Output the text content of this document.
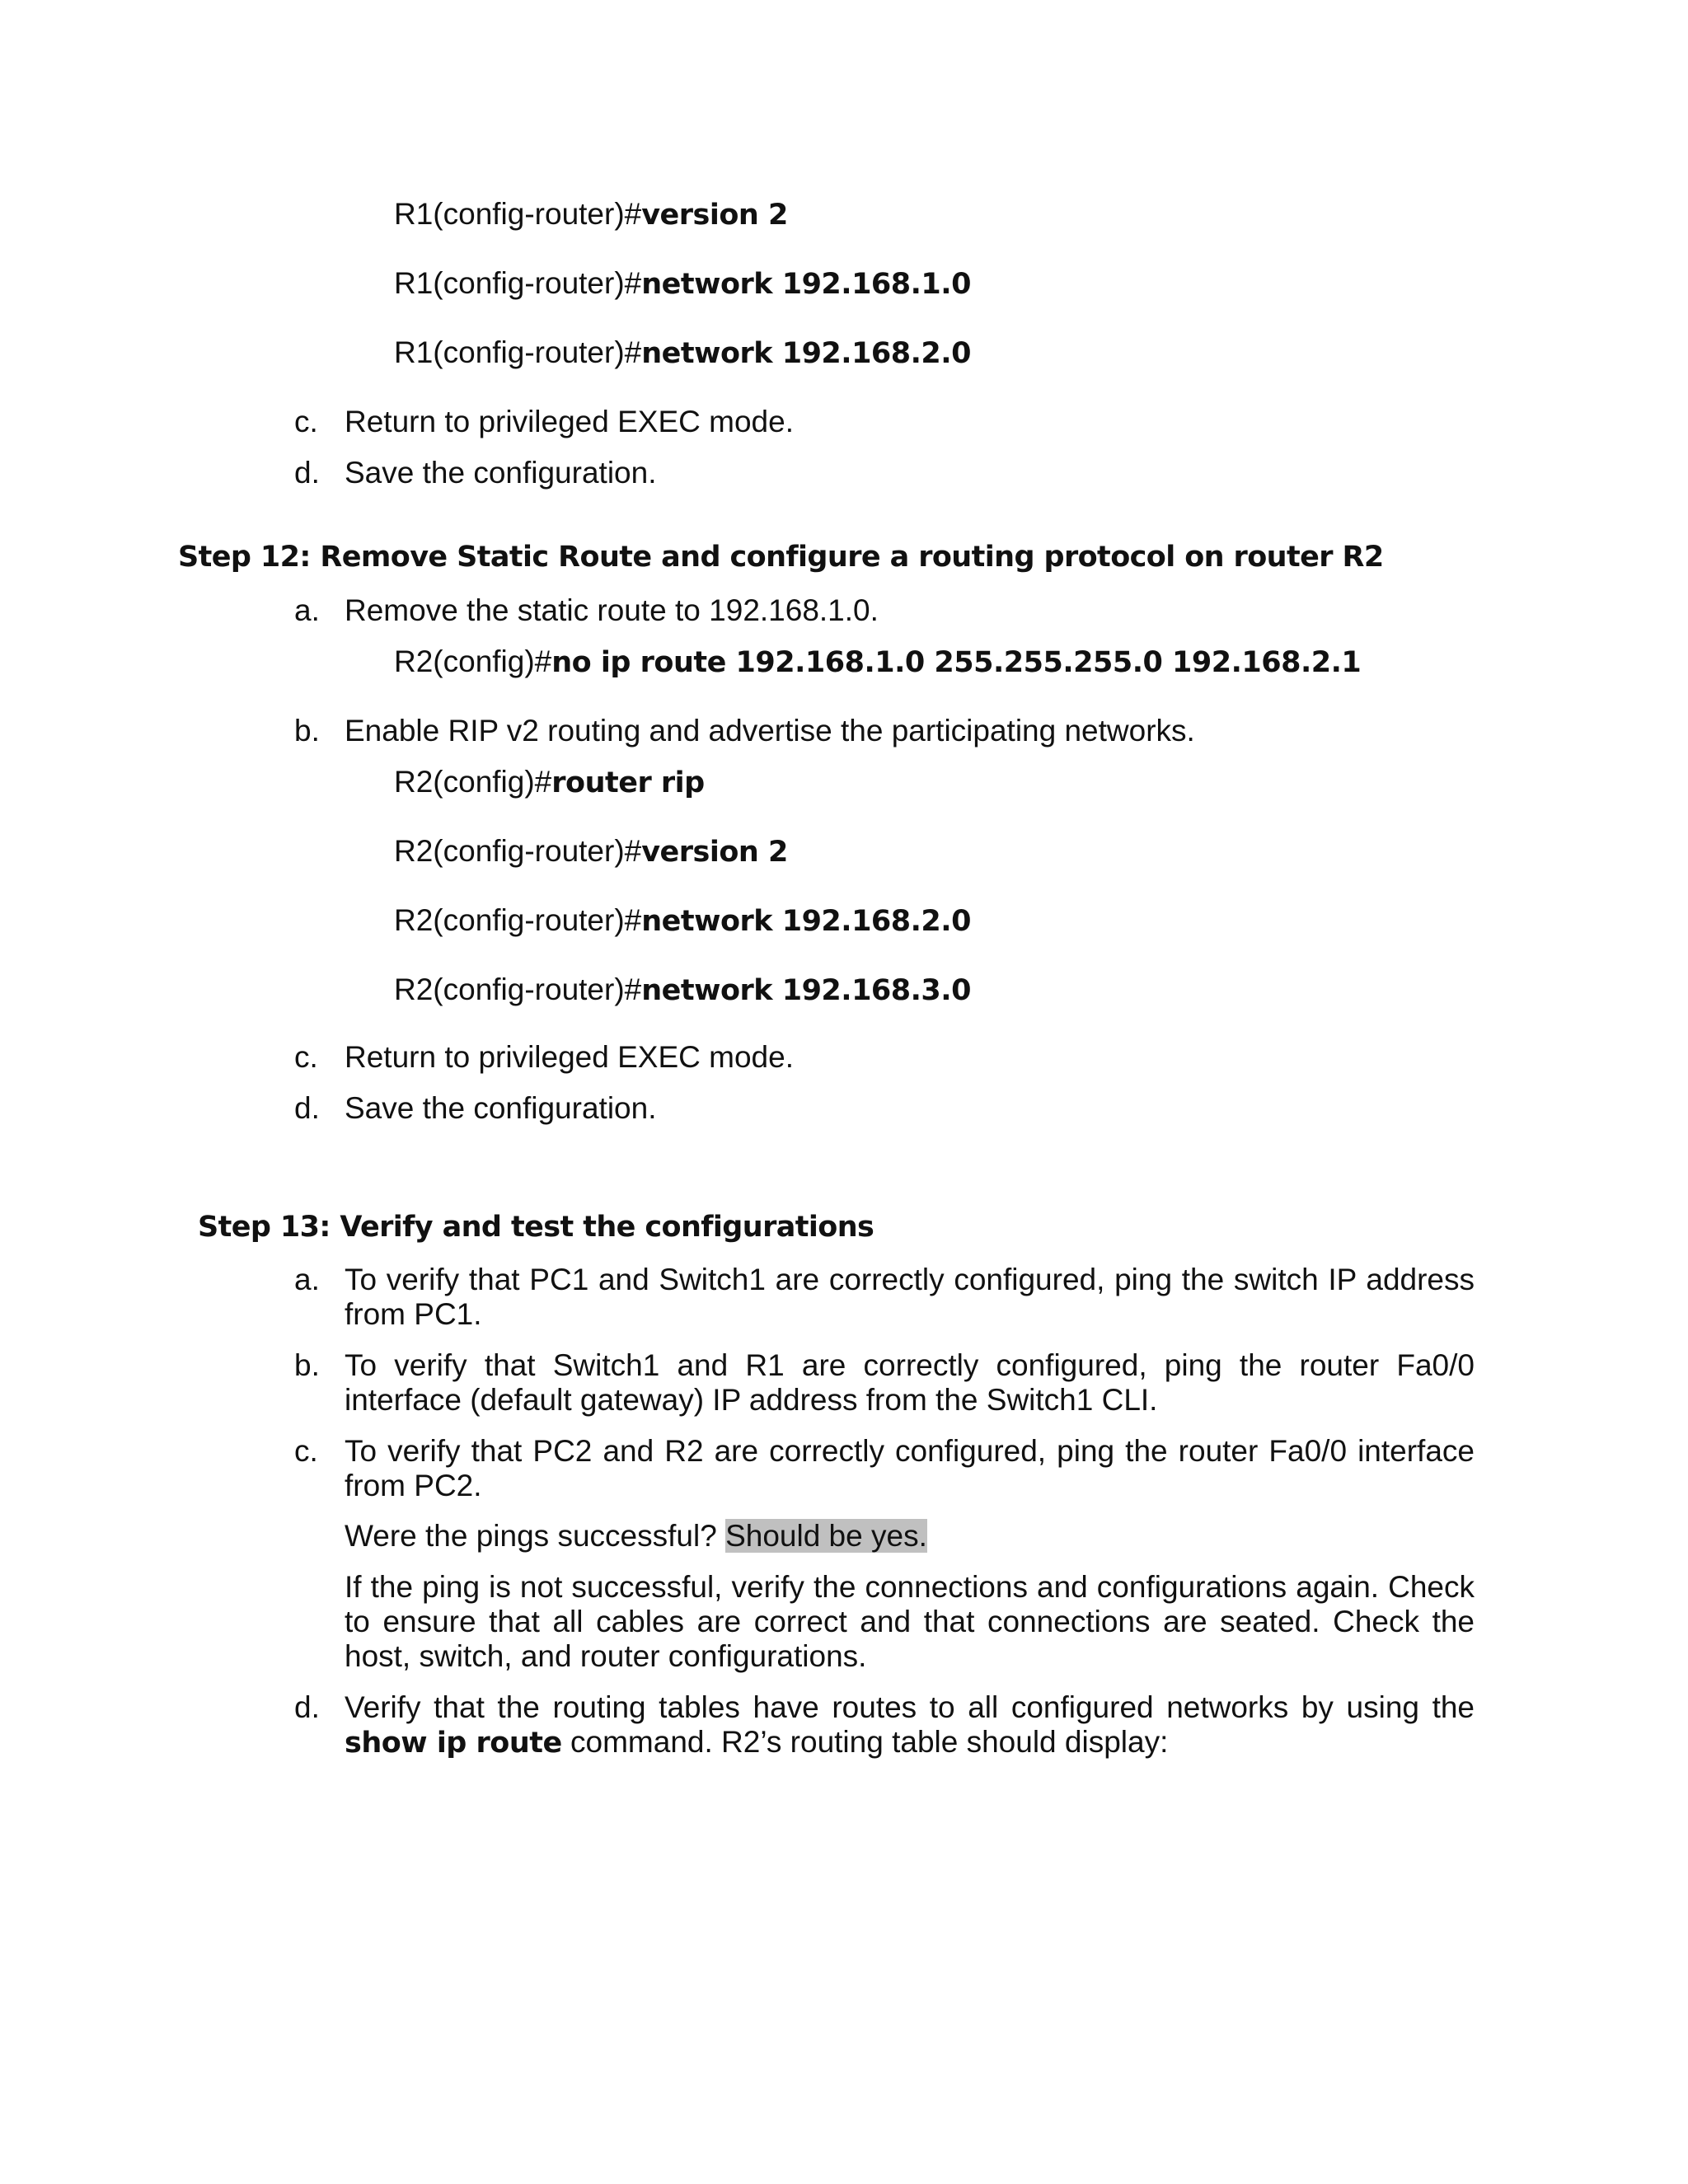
R1(config-router)#version 2
R1(config-router)#network 192.168.1.0
R1(config-router)#network 192.168.2.0
c. Return to privileged EXEC mode.
d. Save the configuration.
Step 12: Remove Static Route and configure a routing protocol on router R2
a. Remove the static route to 192.168.1.0.
R2(config)#no ip route 192.168.1.0 255.255.255.0 192.168.2.1
b. Enable RIP v2 routing and advertise the participating networks.
R2(config)#router rip
R2(config-router)#version 2
R2(config-router)#network 192.168.2.0
R2(config-router)#network 192.168.3.0
c. Return to privileged EXEC mode.
d. Save the configuration.
Step 13: Verify and test the configurations
a. To verify that PC1 and Switch1 are correctly configured, ping the switch IP address from PC1.
b. To verify that Switch1 and R1 are correctly configured, ping the router Fa0/0 interface (default gateway) IP address from the Switch1 CLI.
c. To verify that PC2 and R2 are correctly configured, ping the router Fa0/0 interface from PC2.
Were the pings successful? Should be yes.
If the ping is not successful, verify the connections and configurations again. Check to ensure that all cables are correct and that connections are seated. Check the host, switch, and router configurations.
d. Verify that the routing tables have routes to all configured networks by using the show ip route command. R2’s routing table should display:
